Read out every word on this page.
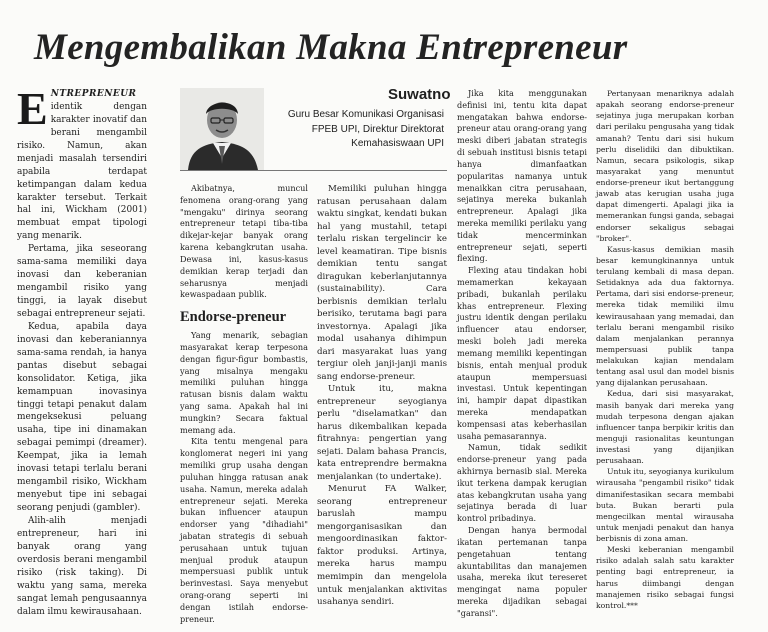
Mengembalikan Makna Entrepreneur

Suwatno

Guru Besar Komunikasi Organisasi
FPEB UPI, Direktur Direktorat
Kemahasiswaan UPI

ENTREPRENEUR identik dengan karakter inovatif dan berani mengambil risiko. Namun, akan menjadi masalah tersendiri apabila terdapat ketimpangan dalam kedua karakter tersebut. Terkait hal ini, Wickham (2001) membuat empat tipologi yang menarik.

Pertama, jika seseorang sama-sama memiliki daya inovasi dan keberanian mengambil risiko yang tinggi, ia layak disebut sebagai entrepreneur sejati.

Kedua, apabila daya inovasi dan keberaniannya sama-sama rendah, ia hanya pantas disebut sebagai konsolidator. Ketiga, jika kemampuan inovasinya tinggi tetapi penakut dalam mengeksekusi peluang usaha, tipe ini dinamakan sebagai pemimpi (dreamer). Keempat, jika ia lemah inovasi tetapi terlalu berani mengambil risiko, Wickham menyebut tipe ini sebagai seorang penjudi (gambler).

Alih-alih menjadi entrepreneur, hari ini banyak orang yang overdosis berani mengambil risiko (risk taking). Di waktu yang sama, mereka sangat lemah pengusaannya dalam ilmu kewirausahaan.

Akibatnya, muncul fenomena orang-orang yang "mengaku" dirinya seorang entrepreneur tetapi tiba-tiba dikejar-kejar banyak orang karena kebangkrutan usaha. Dewasa ini, kasus-kasus demikian kerap terjadi dan seharusnya menjadi kewaspadaan publik.

Endorse-preneur

Yang menarik, sebagian masyarakat kerap terpesona dengan figur-figur bombastis, yang misalnya mengaku memiliki puluhan hingga ratusan bisnis dalam waktu yang sama. Apakah hal ini mungkin? Secara faktual memang ada.

Kita tentu mengenal para konglomerat negeri ini yang memiliki grup usaha dengan puluhan hingga ratusan anak usaha. Namun, mereka adalah entrepreneur sejati. Mereka bukan influencer ataupun endorser yang "dihadiahi" jabatan strategis di sebuah perusahaan untuk tujuan menjual produk ataupun mempersuasi publik untuk berinvestasi. Saya menyebut orang-orang seperti ini dengan istilah endorse-preneur.

Memiliki puluhan hingga ratusan perusahaan dalam waktu singkat, kendati bukan hal yang mustahil, tetapi terlalu riskan tergelincir ke level keamatiran. Tipe bisnis demikian tentu sangat diragukan keberlanjutannya (sustainability). Cara berbisnis demikian terlalu berisiko, terutama bagi para investornya. Apalagi jika modal usahanya dihimpun dari masyarakat luas yang tergiur oleh janji-janji manis sang endorse-preneur.

Untuk itu, makna entrepreneur seyogianya perlu "diselamatkan" dan harus dikembalikan kepada fitrahnya: pengertian yang sejati. Dalam bahasa Prancis, kata entreprendre bermakna menjalankan (to undertake).

Menurut FA Walker, seorang entrepreneur baruslah mampu mengorganisasikan dan mengoordinasikan faktor-faktor produksi. Artinya, mereka harus mampu memimpin dan mengelola untuk menjalankan aktivitas usahanya sendiri.

Jika kita menggunakan definisi ini, tentu kita dapat mengatakan bahwa endorse-preneur atau orang-orang yang meski diberi jabatan strategis di sebuah institusi bisnis tetapi hanya dimanfaatkan popularitas namanya untuk menaikkan citra perusahaan, sejatinya mereka bukanlah entrepreneur. Apalagi jika mereka memiliki perilaku yang tidak mencerminkan entrepreneur sejati, seperti flexing.

Flexing atau tindakan hobi memamerkan kekayaan pribadi, bukanlah perilaku khas entrepreneur. Flexing justru identik dengan perilaku influencer atau endorser, meski boleh jadi mereka memang memiliki kepentingan bisnis, entah menjual produk ataupun mempersuasi investasi. Untuk kepentingan ini, hampir dapat dipastikan mereka mendapatkan kompensasi atas keberhasilan usaha pemasarannya.

Namun, tidak sedikit endorse-preneur yang pada akhirnya bernasib sial. Mereka ikut terkena dampak kerugian atas kebangkrutan usaha yang sejatinya berada di luar kontrol pribadinya.

Dengan hanya bermodal ikatan pertemanan tanpa pengetahuan tentang akuntabilitas dan manajemen usaha, mereka ikut tereseret mengingat nama populer mereka dijadikan sebagai "garansi".

Pertanyaan menariknya adalah apakah seorang endorse-preneur sejatinya juga merupakan korban dari perilaku pengusaha yang tidak amanah? Tentu dari sisi hukum perlu diselidiki dan dibuktikan. Namun, secara psikologis, sikap masyarakat yang menuntut endorse-preneur ikut bertanggung jawab atas kerugian usaha juga dapat dimengerti. Apalagi jika ia memerankan fungsi ganda, sebagai endorser sekaligus sebagai "broker".

Kasus-kasus demikian masih besar kemungkinannya untuk terulang kembali di masa depan. Setidaknya ada dua faktornya. Pertama, dari sisi endorse-preneur, mereka tidak memiliki ilmu kewirausahaan yang memadai, dan terlalu berani mengambil risiko dalam menjalankan perannya mempersuasi publik tanpa melakukan kajian mendalam tentang asal usul dan model bisnis yang dijalankan perusahaan.

Kedua, dari sisi masyarakat, masih banyak dari mereka yang mudah terpesona dengan ajakan influencer tanpa berpikir kritis dan menguji rasionalitas keuntungan investasi yang dijanjikan perusahaan.

Untuk itu, seyogianya kurikulum wirausaha "pengambil risiko" tidak dimanifestasikan secara membabi buta. Bukan berarti pula mengecilkan mental wirausaha untuk menjadi penakut dan hanya berbisnis di zona aman.

Meski keberanian mengambil risiko adalah salah satu karakter penting bagi entrepreneur, ia harus diimbangi dengan manajemen risiko sebagai fungsi kontrol.***
